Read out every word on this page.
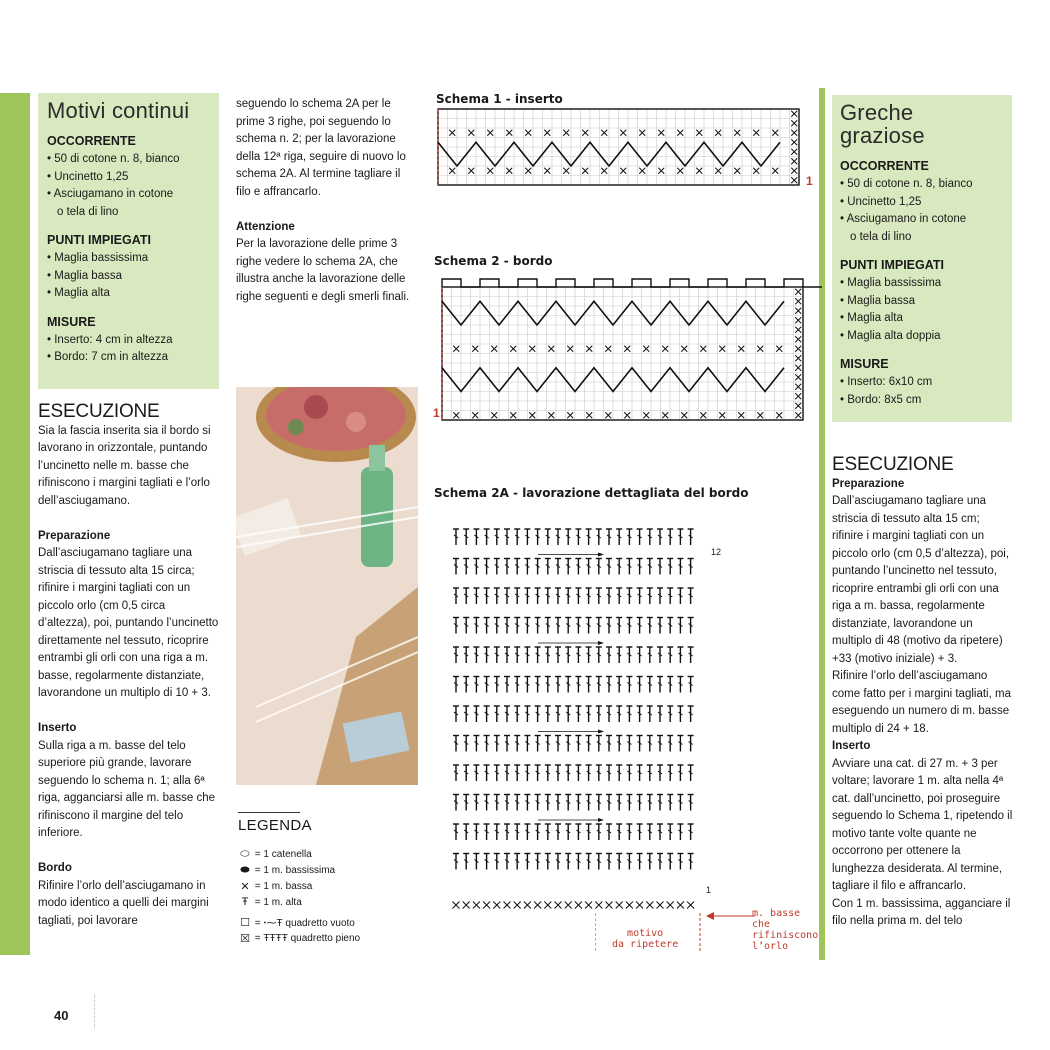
Motivi continui
OCCORRENTE
• 50 di cotone n. 8, bianco
• Uncinetto 1,25
• Asciugamano in cotone
o tela di lino
PUNTI IMPIEGATI
• Maglia bassissima
• Maglia bassa
• Maglia alta
MISURE
• Inserto: 4 cm in altezza
• Bordo: 7 cm in altezza
ESECUZIONE

Sia la fascia inserita sia il bordo si lavorano in orizzontale, puntando l’uncinetto nelle m. basse che rifiniscono i margini tagliati e l’orlo dell’asciugamano.

Preparazione
Dall’asciugamano tagliare una striscia di tessuto alta 15 circa; rifinire i margini tagliati con un piccolo orlo (cm 0,5 circa d’altezza), poi, puntando l’uncinetto direttamente nel tessuto, ricoprire entrambi gli orli con una riga a m. basse, regolarmente distanziate, lavorandone un multiplo di 10 + 3.

Inserto
Sulla riga a m. basse del telo superiore più grande, lavorare seguendo lo schema n. 1; alla 6ª riga, agganciarsi alle m. basse che rifiniscono il margine del telo inferiore.

Bordo
Rifinire l’orlo dell’asciugamano in modo identico a quelli dei margini tagliati, poi lavorare

seguendo lo schema 2A per le prime 3 righe, poi seguendo lo schema n. 2; per la lavorazione della 12ª riga, seguire di nuovo lo schema 2A. Al termine tagliare il filo e affrancarlo.

Attenzione
Per la lavorazione delle prime 3 righe vedere lo schema 2A, che illustra anche la lavorazione delle righe seguenti e degli smerli finali.

LEGENDA
⬭
= 1 catenella
⬬
= 1 m. bassissima
✕
= 1 m. bassa
Ŧ
= 1 m. alta
☐
= ꞏ⁓Ŧ quadretto vuoto
☒
= ŦŦŦŦ quadretto pieno
Schema 1 - inserto
1
Schema 2 - bordo
1
Schema 2A - lavorazione dettagliata del bordo
12
1
m. basse
che
rifiniscono
l’orlo
motivo
da ripetere
Greche
graziose
OCCORRENTE
• 50 di cotone n. 8, bianco
• Uncinetto 1,25
• Asciugamano in cotone
o tela di lino
PUNTI IMPIEGATI
• Maglia bassissima
• Maglia bassa
• Maglia alta
• Maglia alta doppia
MISURE
• Inserto: 6x10 cm
• Bordo: 8x5 cm
ESECUZIONE
Preparazione
Dall’asciugamano tagliare una striscia di tessuto alta 15 cm; rifinire i margini tagliati con un piccolo orlo (cm 0,5 d’altezza), poi, puntando l’uncinetto nel tessuto, ricoprire entrambi gli orli con una riga a m. bassa, regolarmente distanziate, lavorandone un multiplo di 48 (motivo da ripetere) +33 (motivo iniziale) + 3.
Rifinire l’orlo dell’asciugamano come fatto per i margini tagliati, ma eseguendo un numero di m. basse multiplo di 24 + 18.
Inserto
Avviare una cat. di 27 m. + 3 per voltare; lavorare 1 m. alta nella 4ª cat. dall’uncinetto, poi proseguire seguendo lo Schema 1, ripetendo il motivo tante volte quante ne occorrono per ottenere la lunghezza desiderata. Al termine, tagliare il filo e affrancarlo.
Con 1 m. bassissima, agganciare il filo nella prima m. del telo
40
